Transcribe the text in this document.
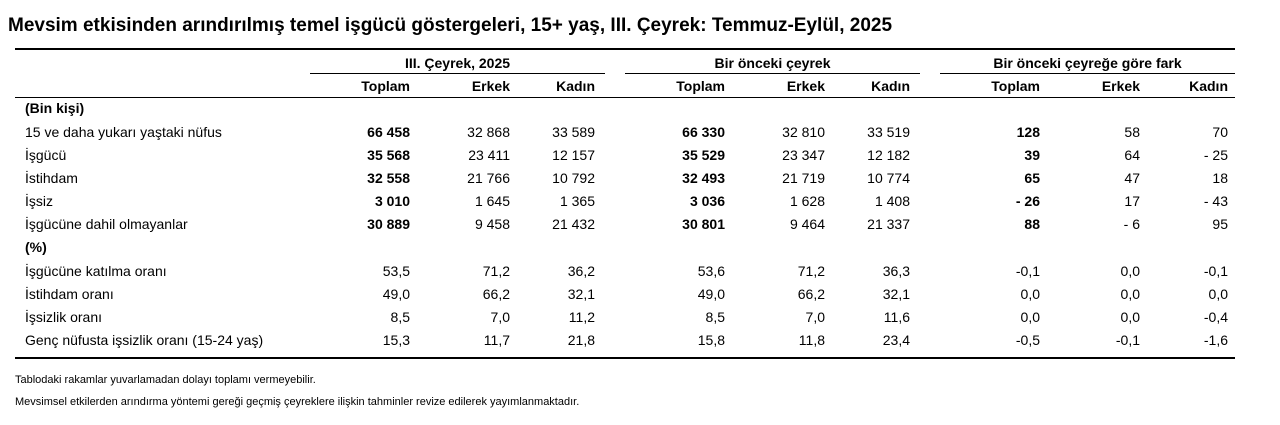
Mevsim etkisinden arındırılmış temel işgücü göstergeleri, 15+ yaş, III. Çeyrek: Temmuz-Eylül, 2025
III. Çeyrek, 2025	Bir önceki çeyrek	Bir önceki çeyreğe göre fark
Toplam	Erkek	Kadın	Toplam	Erkek	Kadın	Toplam	Erkek	Kadın
(Bin kişi)
15 ve daha yukarı yaştaki nüfus	66 458	32 868	33 589	66 330	32 810	33 519	128	58	70
İşgücü	35 568	23 411	12 157	35 529	23 347	12 182	39	64	- 25
İstihdam	32 558	21 766	10 792	32 493	21 719	10 774	65	47	18
İşsiz	3 010	1 645	1 365	3 036	1 628	1 408	- 26	17	- 43
İşgücüne dahil olmayanlar	30 889	9 458	21 432	30 801	9 464	21 337	88	- 6	95
(%)
İşgücüne katılma oranı	53,5	71,2	36,2	53,6	71,2	36,3	-0,1	0,0	-0,1
İstihdam oranı	49,0	66,2	32,1	49,0	66,2	32,1	0,0	0,0	0,0
İşsizlik oranı	8,5	7,0	11,2	8,5	7,0	11,6	0,0	0,0	-0,4
Genç nüfusta işsizlik oranı (15-24 yaş)	15,3	11,7	21,8	15,8	11,8	23,4	-0,5	-0,1	-1,6
Tablodaki rakamlar yuvarlamadan dolayı toplamı vermeyebilir.
Mevsimsel etkilerden arındırma yöntemi gereği geçmiş çeyreklere ilişkin tahminler revize edilerek yayımlanmaktadır.
